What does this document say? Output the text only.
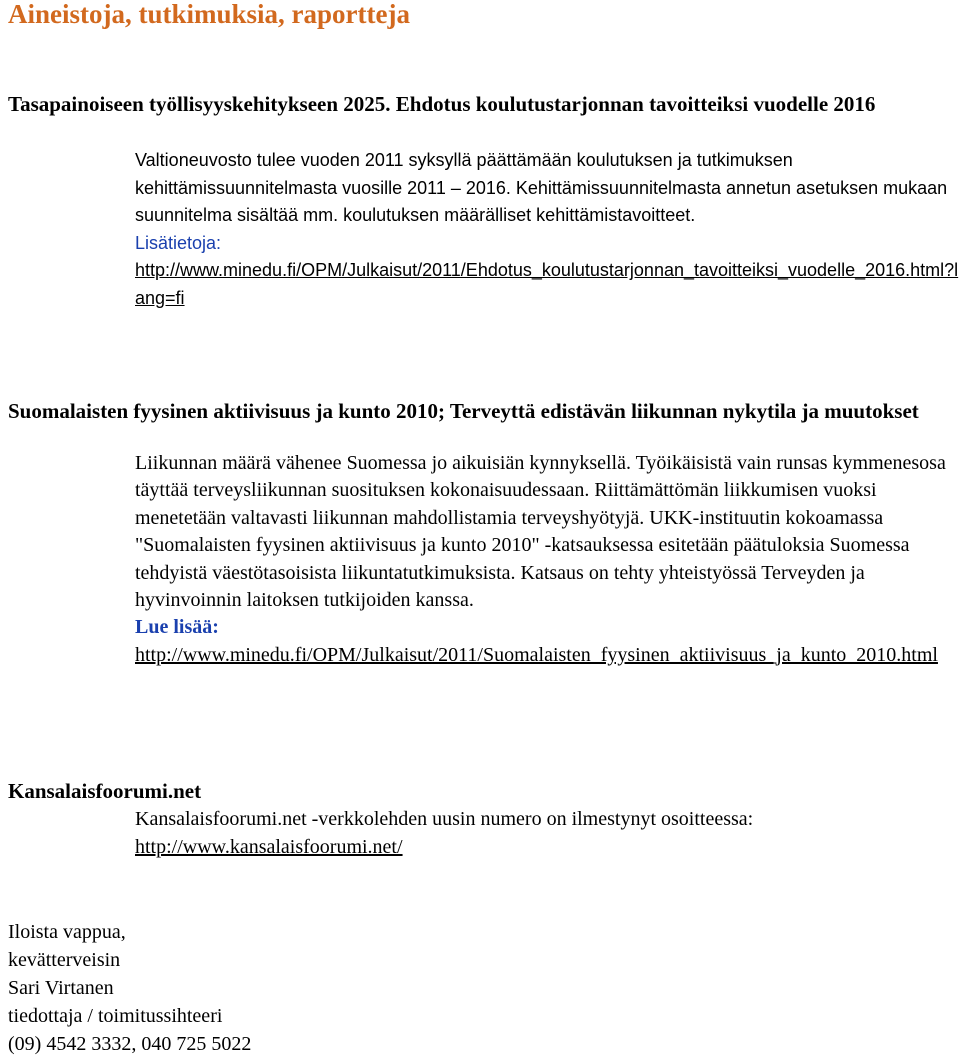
Aineistoja, tutkimuksia, raportteja
Tasapainoiseen työllisyyskehitykseen 2025. Ehdotus koulutustarjonnan tavoitteiksi vuodelle 2016
Valtioneuvosto tulee vuoden 2011 syksyllä päättämään koulutuksen ja tutkimuksen kehittämissuunnitelmasta vuosille 2011 – 2016. Kehittämissuunnitelmasta annetun asetuksen mukaan suunnitelma sisältää mm. koulutuksen määrälliset kehittämistavoitteet.
Lisätietoja:
http://www.minedu.fi/OPM/Julkaisut/2011/Ehdotus_koulutustarjonnan_tavoitteiksi_vuodelle_2016.html?lang=fi
Suomalaisten fyysinen aktiivisuus ja kunto 2010; Terveyttä edistävän liikunnan nykytila ja muutokset
Liikunnan määrä vähenee Suomessa jo aikuisiän kynnyksellä. Työikäisistä vain runsas kymmenesosa täyttää terveysliikunnan suosituksen kokonaisuudessaan. Riittämättömän liikkumisen vuoksi menetetään valtavasti liikunnan mahdollistamia terveyshyötyjä. UKK-instituutin kokoamassa "Suomalaisten fyysinen aktiivisuus ja kunto 2010" -katsauksessa esitetään päätuloksia Suomessa tehdyistä väestötasoisista liikuntatutkimuksista. Katsaus on tehty yhteistyössä Terveyden ja hyvinvoinnin laitoksen tutkijoiden kanssa.
Lue lisää:
http://www.minedu.fi/OPM/Julkaisut/2011/Suomalaisten_fyysinen_aktiivisuus_ja_kunto_2010.html
Kansalaisfoorumi.net
Kansalaisfoorumi.net -verkkolehden uusin numero on ilmestynyt osoitteessa:
http://www.kansalaisfoorumi.net/
Iloista vappua,
kevätterveisin
Sari Virtanen
tiedottaja / toimitussihteeri
(09) 4542 3332, 040 725 5022
